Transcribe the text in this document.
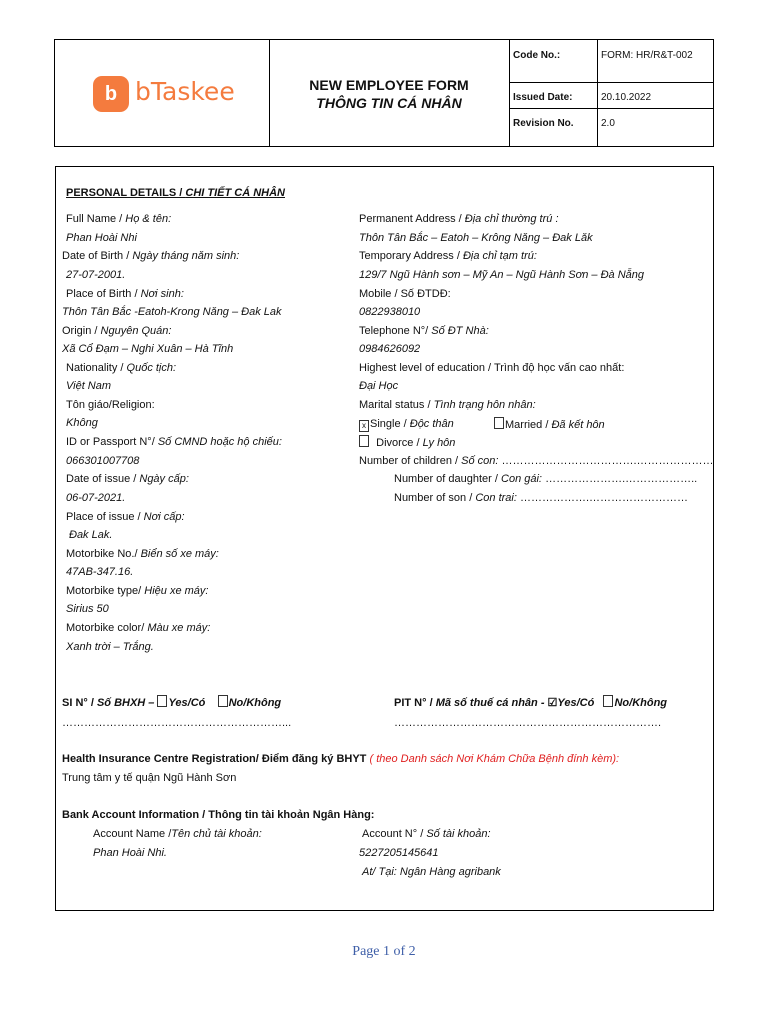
b bTaskee	NEW EMPLOYEE FORM
THÔNG TIN CÁ NHÂN
Code No.:	FORM: HR/R&T-002
Issued Date:	20.10.2022
Revision No.	2.0
PERSONAL DETAILS / CHI TIẾT CÁ NHÂN
Full Name / Họ & tên:
Phan Hoài Nhi
Date of Birth / Ngày tháng năm sinh:
27-07-2001.
Place of Birth / Nơi sinh:
Thôn Tân Bắc -Eatoh-Krong Năng – Đak Lak
Origin / Nguyên Quán:
Xã Cổ Đạm – Nghi Xuân – Hà Tĩnh
Nationality / Quốc tịch:
Việt Nam
Tôn giáo/Religion:
Không
ID or Passport N°/ Số CMND hoặc hộ chiếu:
066301007708
Date of issue / Ngày cấp:
06-07-2021.
Place of issue / Nơi cấp:
Đak Lak.
Motorbike No./ Biển số xe máy:
47AB-347.16.
Motorbike type/ Hiệu xe máy:
Sirius 50
Motorbike color/ Màu xe máy:
Xanh trời – Trắng.
Permanent Address / Địa chỉ thường trú :
Thôn Tân Bắc – Eatoh – Krông Năng – Đak Lăk
Temporary Address / Địa chỉ tạm trú:
129/7 Ngũ Hành sơn – Mỹ An – Ngũ Hành Sơn – Đà Nẵng
Mobile / Số ĐTDĐ:
0822938010
Telephone N°/ Số ĐT Nhà:
0984626092
Highest level of education / Trình độ học vấn cao nhất:
Đại Học
Marital status / Tình trạng hôn nhân:
x Single / Độc thân	Married / Đã kết hôn
Divorce / Ly hôn
Number of children / Số con: ……………………………….…………………
Number of daughter / Con gái: ………………….………………..
Number of son / Con trai: ……………….………………………
SI N° / Số BHXH – Yes/Có No/Không
……………………………………………………...
PIT N° / Mã số thuế cá nhân - ☑Yes/Có No/Không
……………………………………………………………….
Health Insurance Centre Registration/ Điểm đăng ký BHYT ( theo Danh sách Nơi Khám Chữa Bệnh đính kèm):
Trung tâm y tế quận Ngũ Hành Sơn
Bank Account Information / Thông tin tài khoản Ngân Hàng:
Account Name /Tên chủ tài khoản:
Phan Hoài Nhi.
Account N° / Số tài khoản:
5227205145641
At/ Tại: Ngân Hàng agribank
Page 1 of 2
